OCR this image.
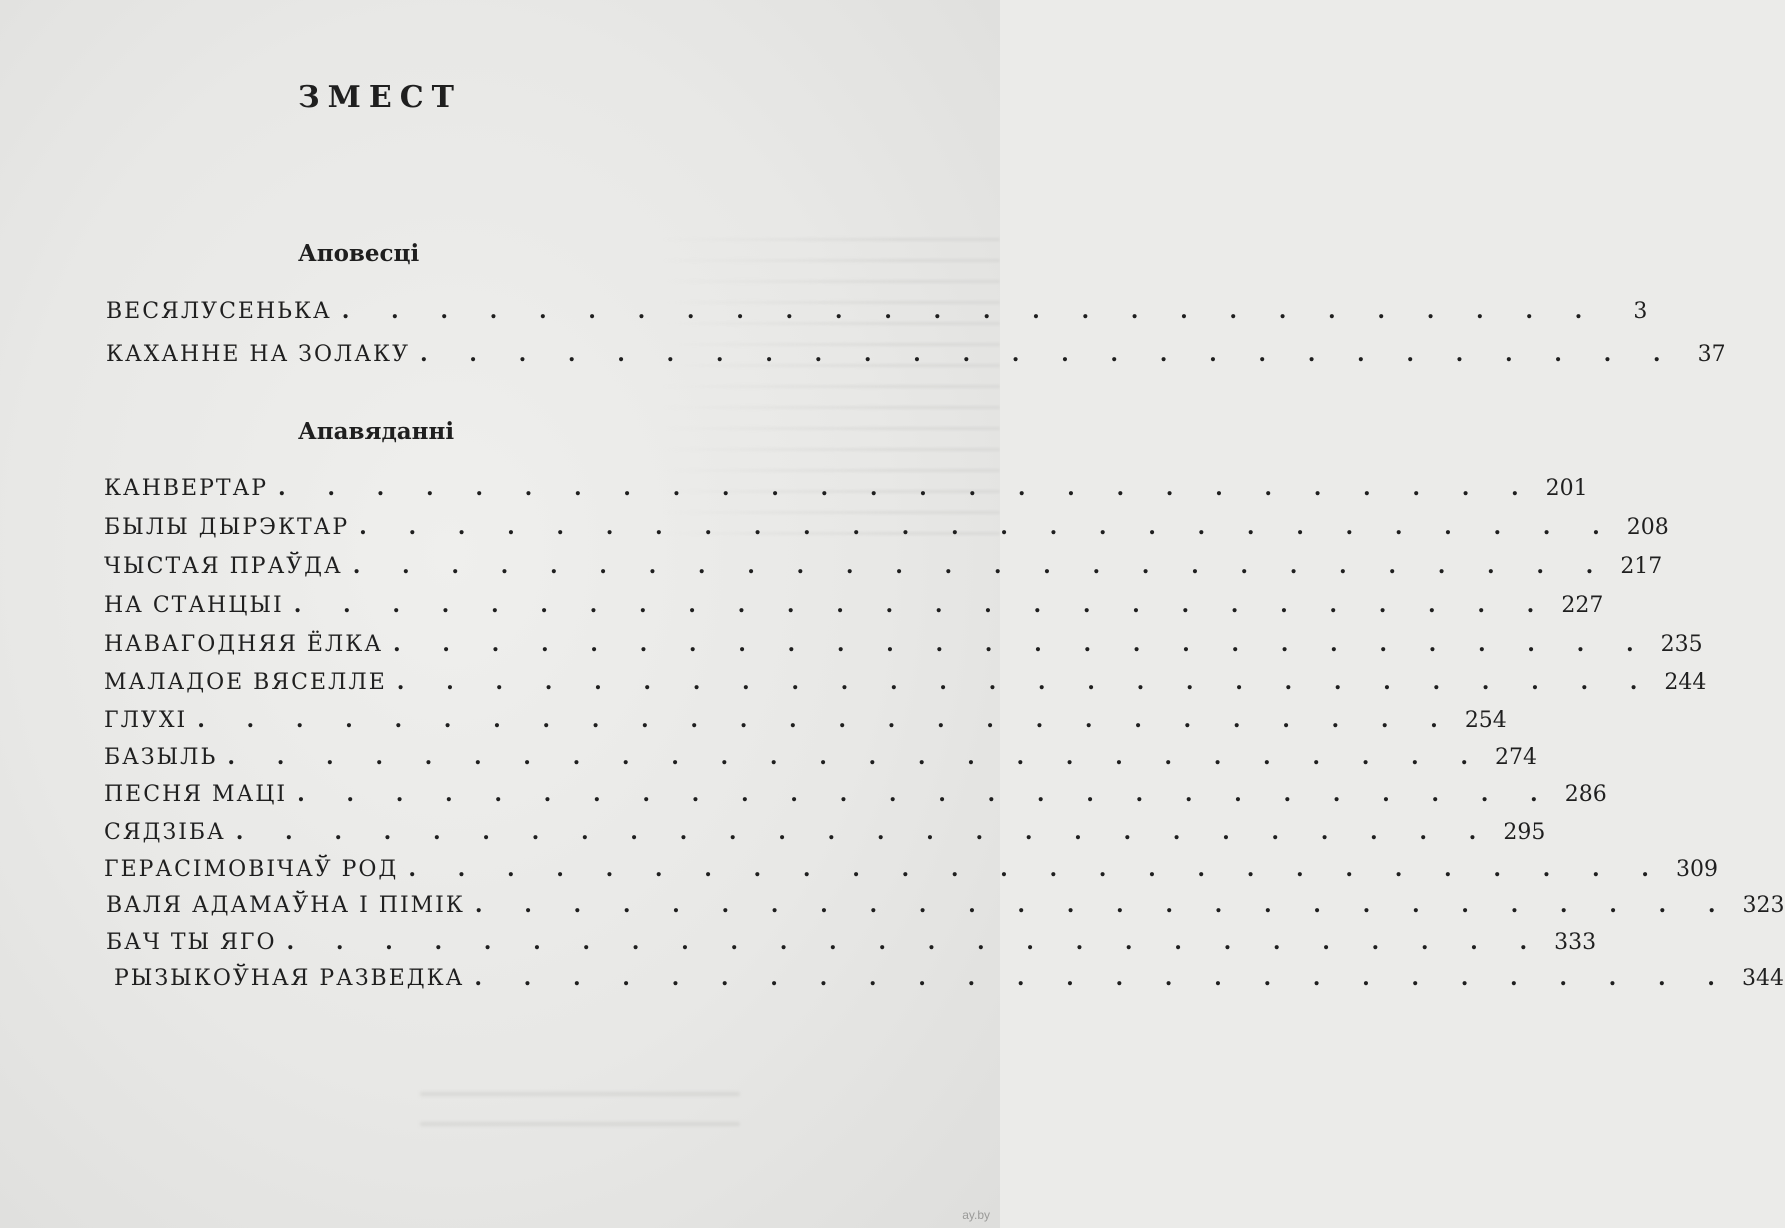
ЗМЕСТ
Аповесці
Апавяданні
ВЕСЯЛУСЕНЬКА . . . . . . . . . . . . . . . . . . . . . . . . . .	3
КАХАННЕ НА ЗОЛАКУ . . . . . . . . . . . . . . . . . . . . . . . . . . 37
КАНВЕРТАР . . . . . . . . . . . . . . . . . . . . . . . . . . 201
БЫЛЫ ДЫРЭКТАР . . . . . . . . . . . . . . . . . . . . . . . . . . 208
ЧЫСТАЯ ПРАЎДА . . . . . . . . . . . . . . . . . . . . . . . . . . 217
НА СТАНЦЫІ . . . . . . . . . . . . . . . . . . . . . . . . . . 227
НАВАГОДНЯЯ ЁЛКА . . . . . . . . . . . . . . . . . . . . . . . . . . 235
МАЛАДОЕ ВЯСЕЛЛЕ . . . . . . . . . . . . . . . . . . . . . . . . . . 244
ГЛУХІ . . . . . . . . . . . . . . . . . . . . . . . . . . 254
БАЗЫЛЬ . . . . . . . . . . . . . . . . . . . . . . . . . . 274
ПЕСНЯ МАЦІ . . . . . . . . . . . . . . . . . . . . . . . . . . 286
СЯДЗІБА . . . . . . . . . . . . . . . . . . . . . . . . . . 295
ГЕРАСІМОВІЧАЎ РОД . . . . . . . . . . . . . . . . . . . . . . . . . . 309
ВАЛЯ АДАМАЎНА І ПІМІК . . . . . . . . . . . . . . . . . . . . . . . . . . 323
БАЧ ТЫ ЯГО . . . . . . . . . . . . . . . . . . . . . . . . . . 333
РЫЗЫКОЎНАЯ РАЗВЕДКА . . . . . . . . . . . . . . . . . . . . . . . . . . 344
ay.by
